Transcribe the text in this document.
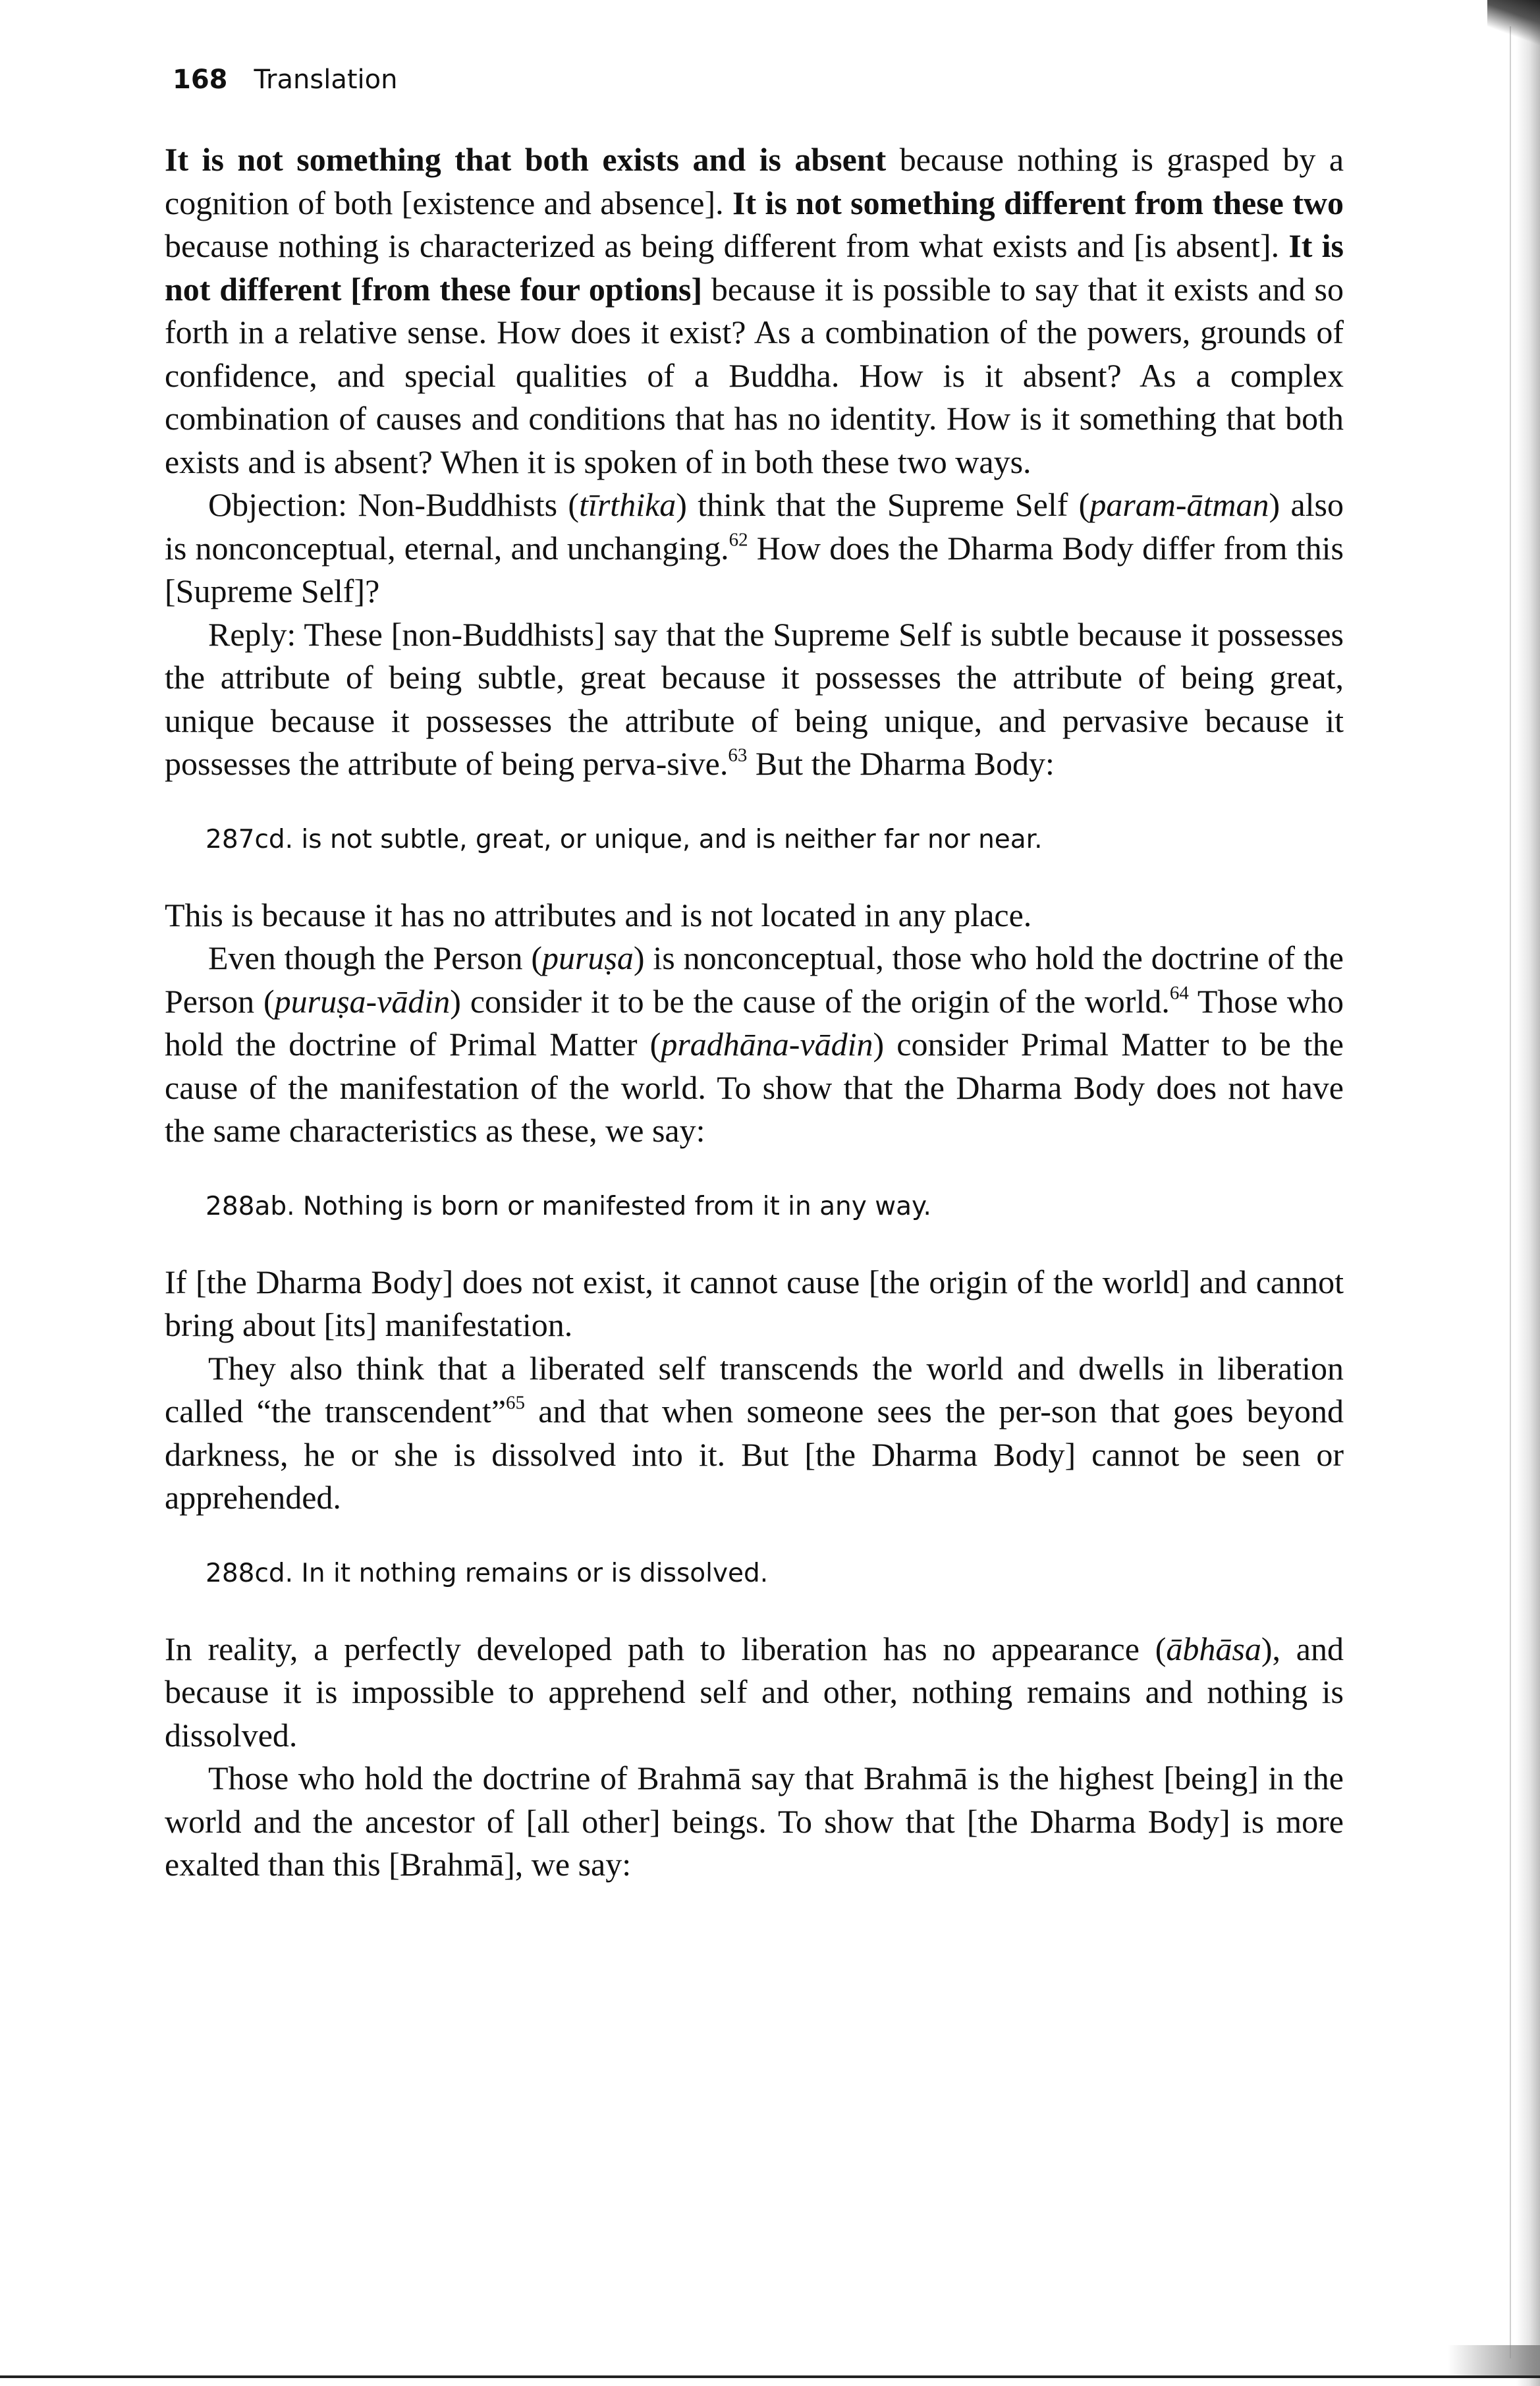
168 Translation

It is not something that both exists and is absent because nothing is grasped by a cognition of both [existence and absence]. It is not something different from these two because nothing is characterized as being different from what exists and [is absent]. It is not different [from these four options] because it is possible to say that it exists and so forth in a relative sense. How does it exist? As a combination of the powers, grounds of confidence, and special qualities of a Buddha. How is it absent? As a complex combination of causes and conditions that has no identity. How is it something that both exists and is absent? When it is spoken of in both these two ways.

Objection: Non-Buddhists (tīrthika) think that the Supreme Self (param-ātman) also is nonconceptual, eternal, and unchanging.$^{62}$ How does the Dharma Body differ from this [Supreme Self]?

Reply: These [non-Buddhists] say that the Supreme Self is subtle because it possesses the attribute of being subtle, great because it possesses the attribute of being great, unique because it possesses the attribute of being unique, and pervasive because it possesses the attribute of being perva-sive.$^{63}$ But the Dharma Body:

287cd. is not subtle, great, or unique, and is neither far nor near.

This is because it has no attributes and is not located in any place.

Even though the Person (puruṣa) is nonconceptual, those who hold the doctrine of the Person (puruṣa-vādin) consider it to be the cause of the origin of the world.$^{64}$ Those who hold the doctrine of Primal Matter (pradhāna-vādin) consider Primal Matter to be the cause of the manifestation of the world. To show that the Dharma Body does not have the same characteristics as these, we say:

288ab. Nothing is born or manifested from it in any way.

If [the Dharma Body] does not exist, it cannot cause [the origin of the world] and cannot bring about [its] manifestation.

They also think that a liberated self transcends the world and dwells in liberation called “the transcendent”$^{65}$ and that when someone sees the per-son that goes beyond darkness, he or she is dissolved into it. But [the Dharma Body] cannot be seen or apprehended.

288cd. In it nothing remains or is dissolved.

In reality, a perfectly developed path to liberation has no appearance (ābhāsa), and because it is impossible to apprehend self and other, nothing remains and nothing is dissolved.

Those who hold the doctrine of Brahmā say that Brahmā is the highest [being] in the world and the ancestor of [all other] beings. To show that [the Dharma Body] is more exalted than this [Brahmā], we say:
